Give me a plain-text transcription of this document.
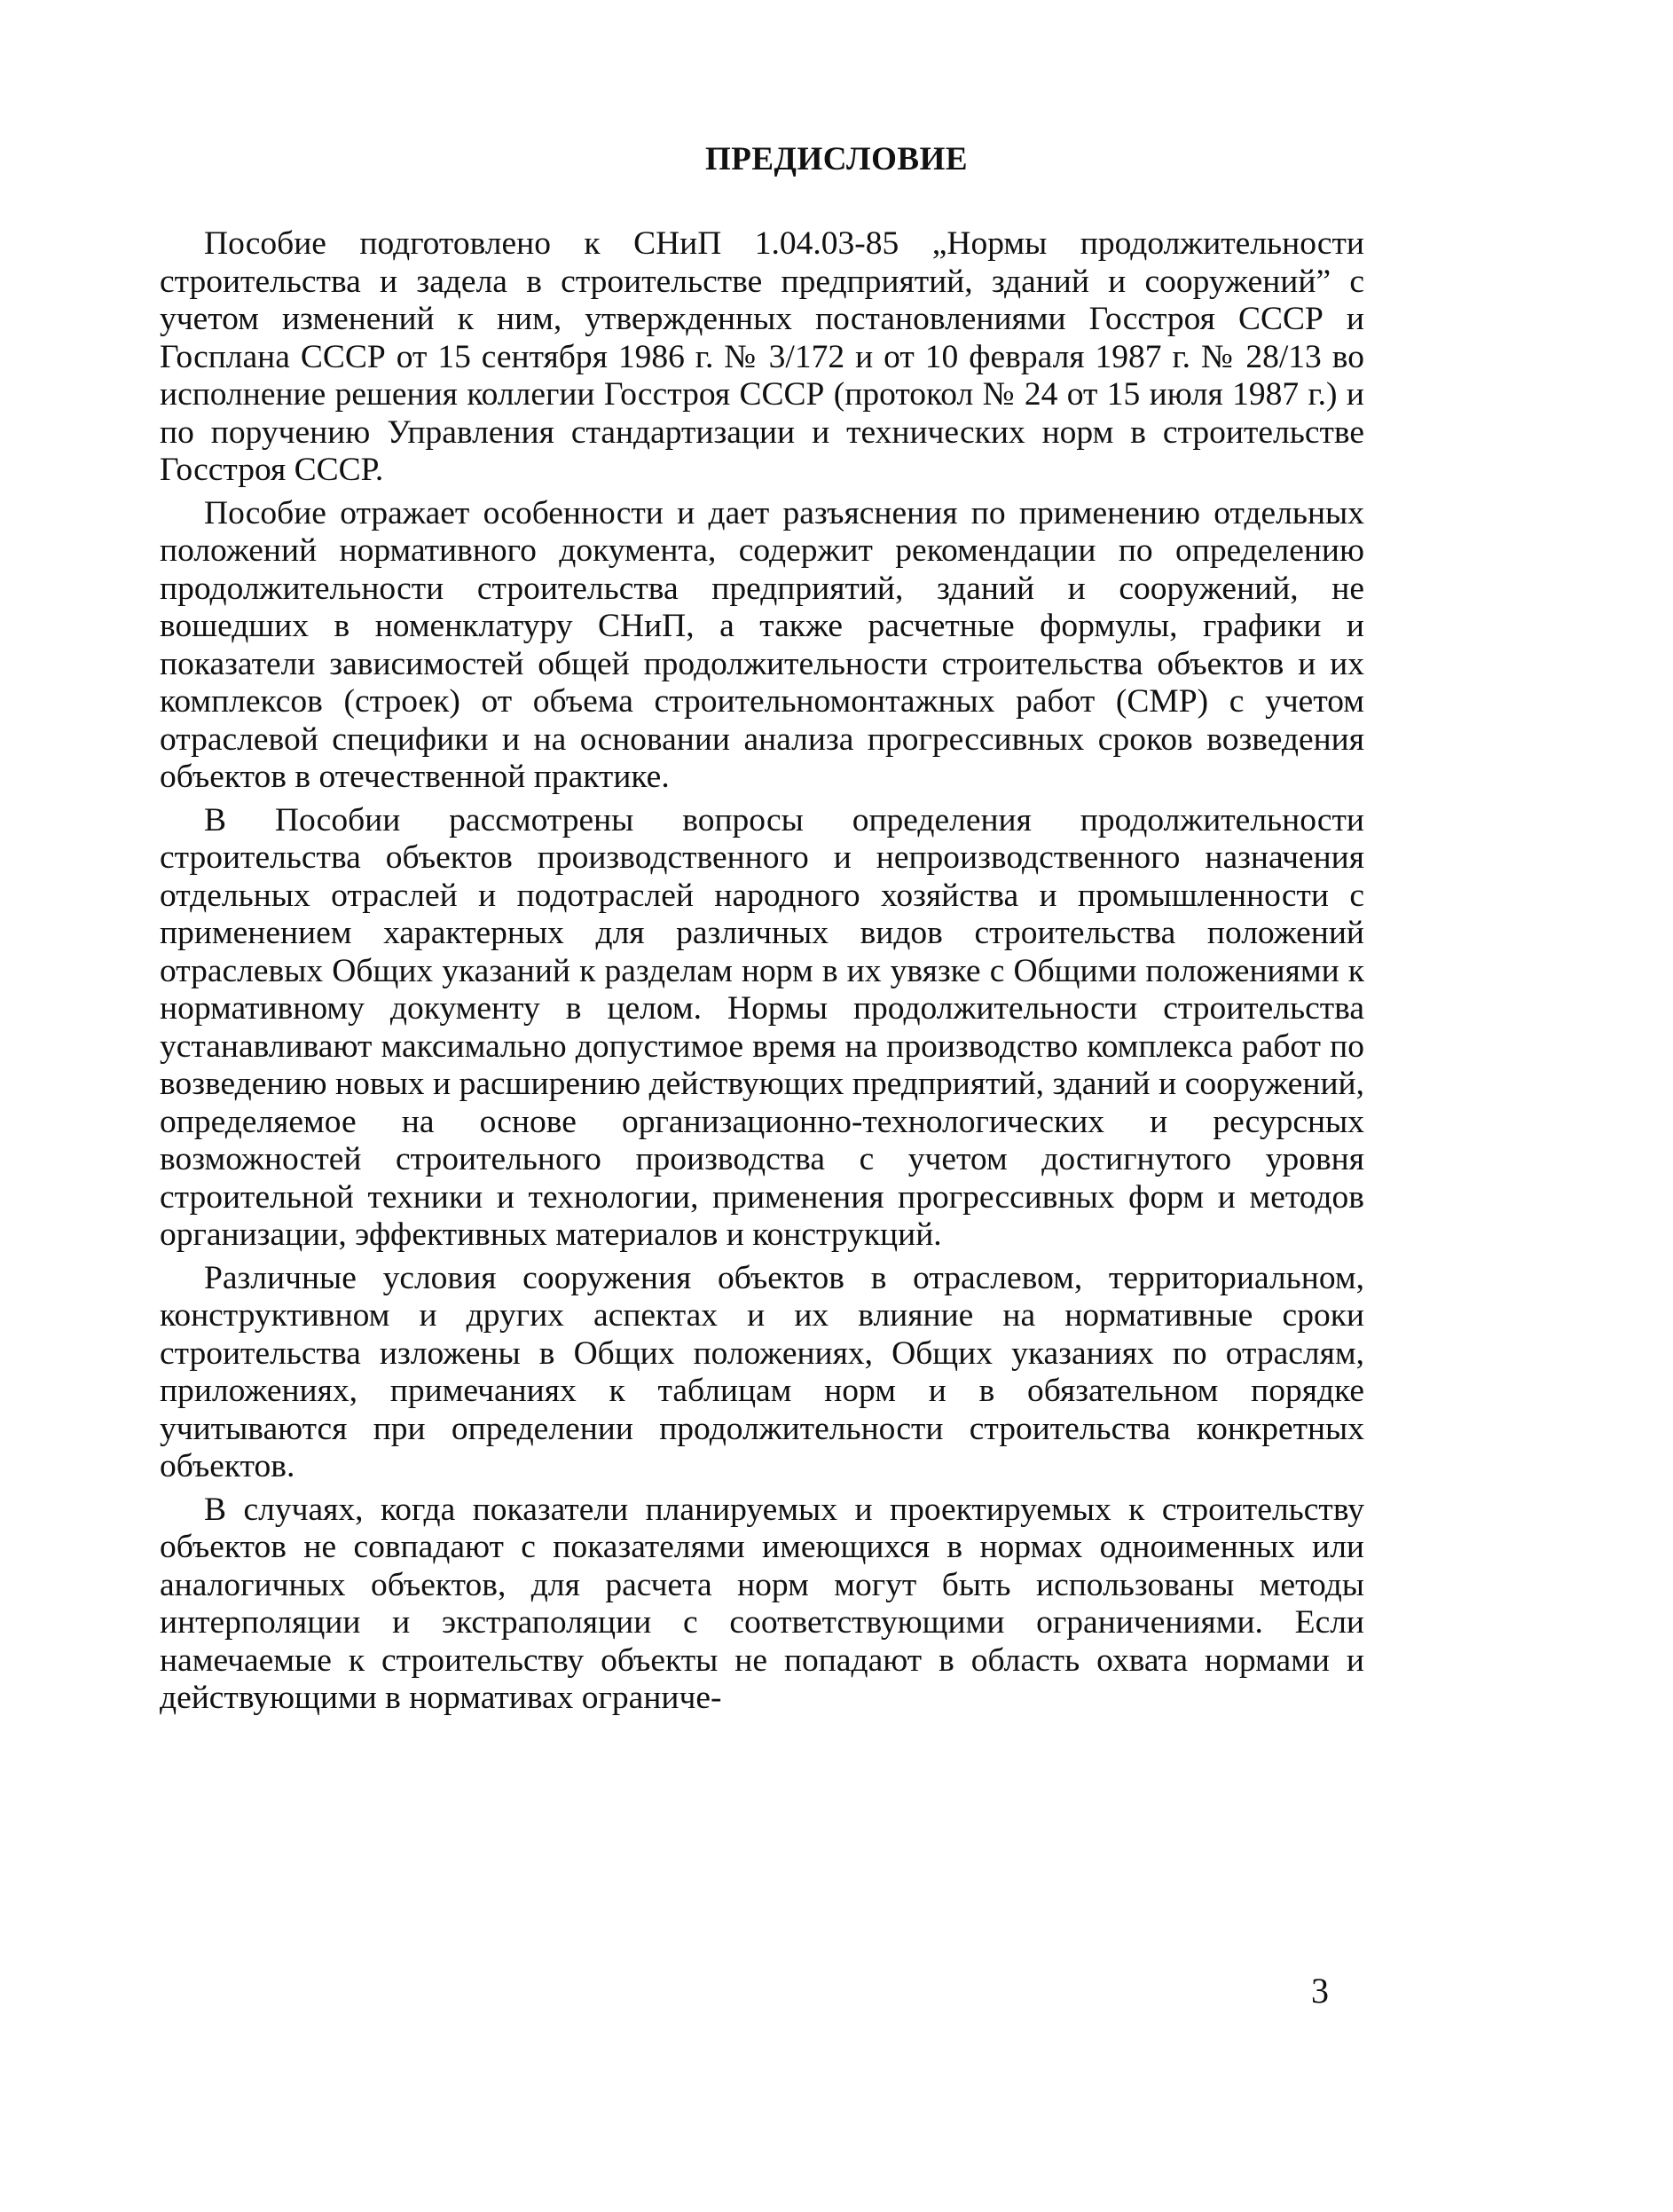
ПРЕДИСЛОВИЕ

Пособие подготовлено к СНиП 1.04.03-85 „Нормы продолжительности строительства и задела в строительстве предприятий, зданий и сооружений” с учетом изменений к ним, утвержденных постановлениями Госстроя СССР и Госплана СССР от 15 сентября 1986 г. № 3/172 и от 10 февраля 1987 г. № 28/13 во исполнение решения коллегии Госстроя СССР (протокол № 24 от 15 июля 1987 г.) и по поручению Управления стандартизации и технических норм в строительстве Госстроя СССР.

Пособие отражает особенности и дает разъяснения по применению отдельных положений нормативного документа, содержит рекомендации по определению продолжительности строительства предприятий, зданий и сооружений, не вошедших в номенклатуру СНиП, а также расчетные формулы, графики и показатели зависимостей общей продолжительности строительства объектов и их комплексов (строек) от объема строительномонтажных работ (СМР) с учетом отраслевой специфики и на основании анализа прогрессивных сроков возведения объектов в отечественной практике.

В Пособии рассмотрены вопросы определения продолжительности строительства объектов производственного и непроизводственного назначения отдельных отраслей и подотраслей народного хозяйства и промышленности с применением характерных для различных видов строительства положений отраслевых Общих указаний к разделам норм в их увязке с Общими положениями к нормативному документу в целом. Нормы продолжительности строительства устанавливают максимально допустимое время на производство комплекса работ по возведению новых и расширению действующих предприятий, зданий и сооружений, определяемое на основе организационно-технологических и ресурсных возможностей строительного производства с учетом достигнутого уровня строительной техники и технологии, применения прогрессивных форм и методов организации, эффективных материалов и конструкций.

Различные условия сооружения объектов в отраслевом, территориальном, конструктивном и других аспектах и их влияние на нормативные сроки строительства изложены в Общих положениях, Общих указаниях по отраслям, приложениях, примечаниях к таблицам норм и в обязательном порядке учитываются при определении продолжительности строительства конкретных объектов.

В случаях, когда показатели планируемых и проектируемых к строительству объектов не совпадают с показателями имеющихся в нормах одноименных или аналогичных объектов, для расчета норм могут быть использованы методы интерполяции и экстраполяции с соответствующими ограничениями. Если намечаемые к строительству объекты не попадают в область охвата нормами и действующими в нормативах ограниче-

3
